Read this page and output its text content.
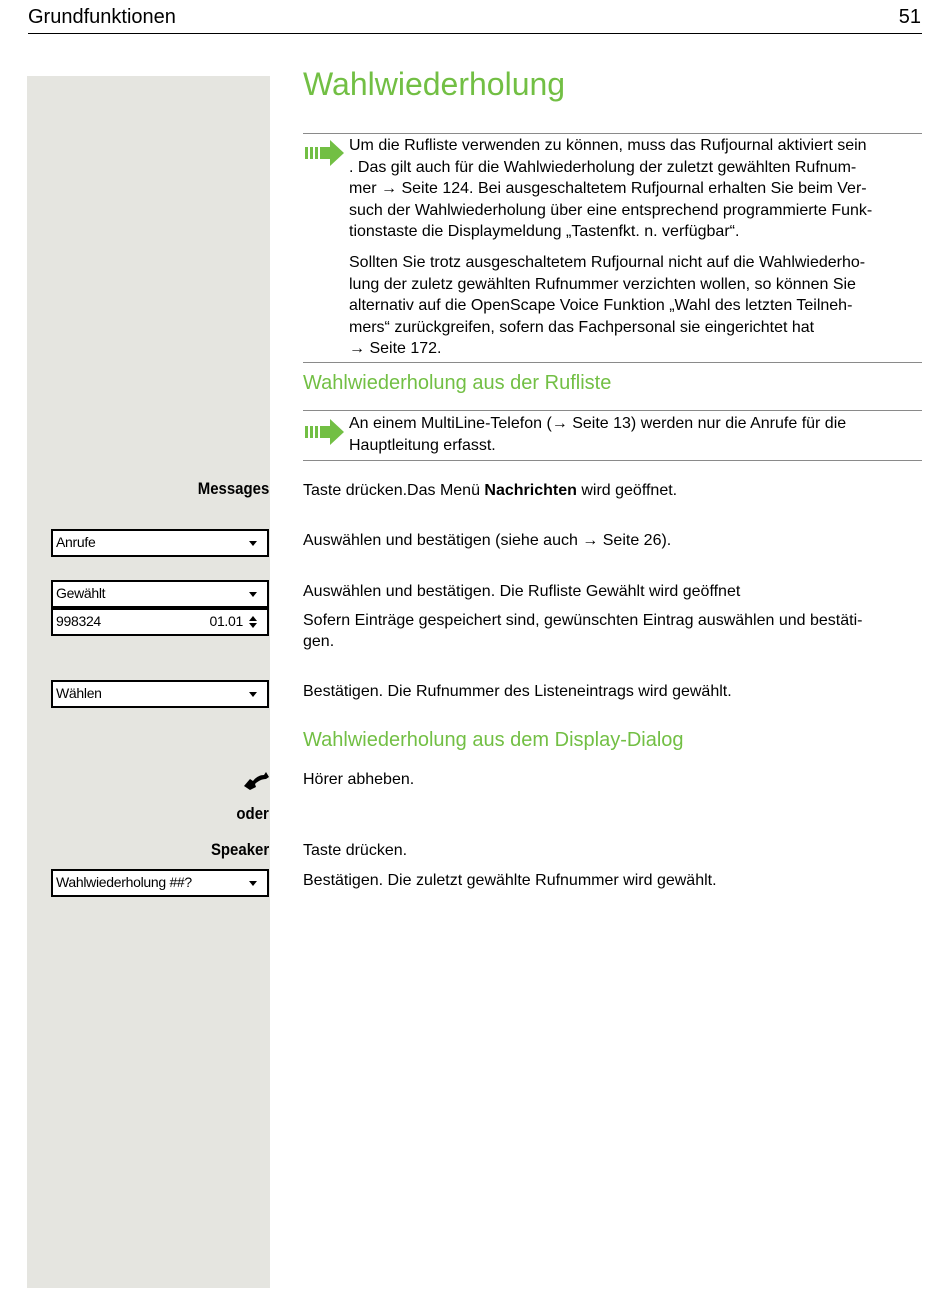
Grundfunktionen	51
Wahlwiederholung
Um die Rufliste verwenden zu können, muss das Rufjournal aktiviert sein
. Das gilt auch für die Wahlwiederholung der zuletzt gewählten Rufnum-
mer → Seite 124. Bei ausgeschaltetem Rufjournal erhalten Sie beim Ver-
such der Wahlwiederholung über eine entsprechend programmierte Funk-
tionstaste die Displaymeldung „Tastenfkt. n. verfügbar“.
Sollten Sie trotz ausgeschaltetem Rufjournal nicht auf die Wahlwiederho-
lung der zuletz gewählten Rufnummer verzichten wollen, so können Sie
alternativ auf die OpenScape Voice Funktion „Wahl des letzten Teilneh-
mers“ zurückgreifen, sofern das Fachpersonal sie eingerichtet hat
→ Seite 172.
Wahlwiederholung aus der Rufliste
An einem MultiLine-Telefon (→ Seite 13) werden nur die Anrufe für die
Hauptleitung erfasst.
Messages Taste drücken.Das Menü Nachrichten wird geöffnet.
Anrufe	Auswählen und bestätigen (siehe auch → Seite 26).
Gewählt	Auswählen und bestätigen. Die Rufliste Gewählt wird geöffnet
998324	01.01	Sofern Einträge gespeichert sind, gewünschten Eintrag auswählen und bestäti-
gen.
Wählen	Bestätigen. Die Rufnummer des Listeneintrags wird gewählt.
Wahlwiederholung aus dem Display-Dialog
Hörer abheben.
oder
Speaker Taste drücken.
Wahlwiederholung ##?	Bestätigen. Die zuletzt gewählte Rufnummer wird gewählt.
